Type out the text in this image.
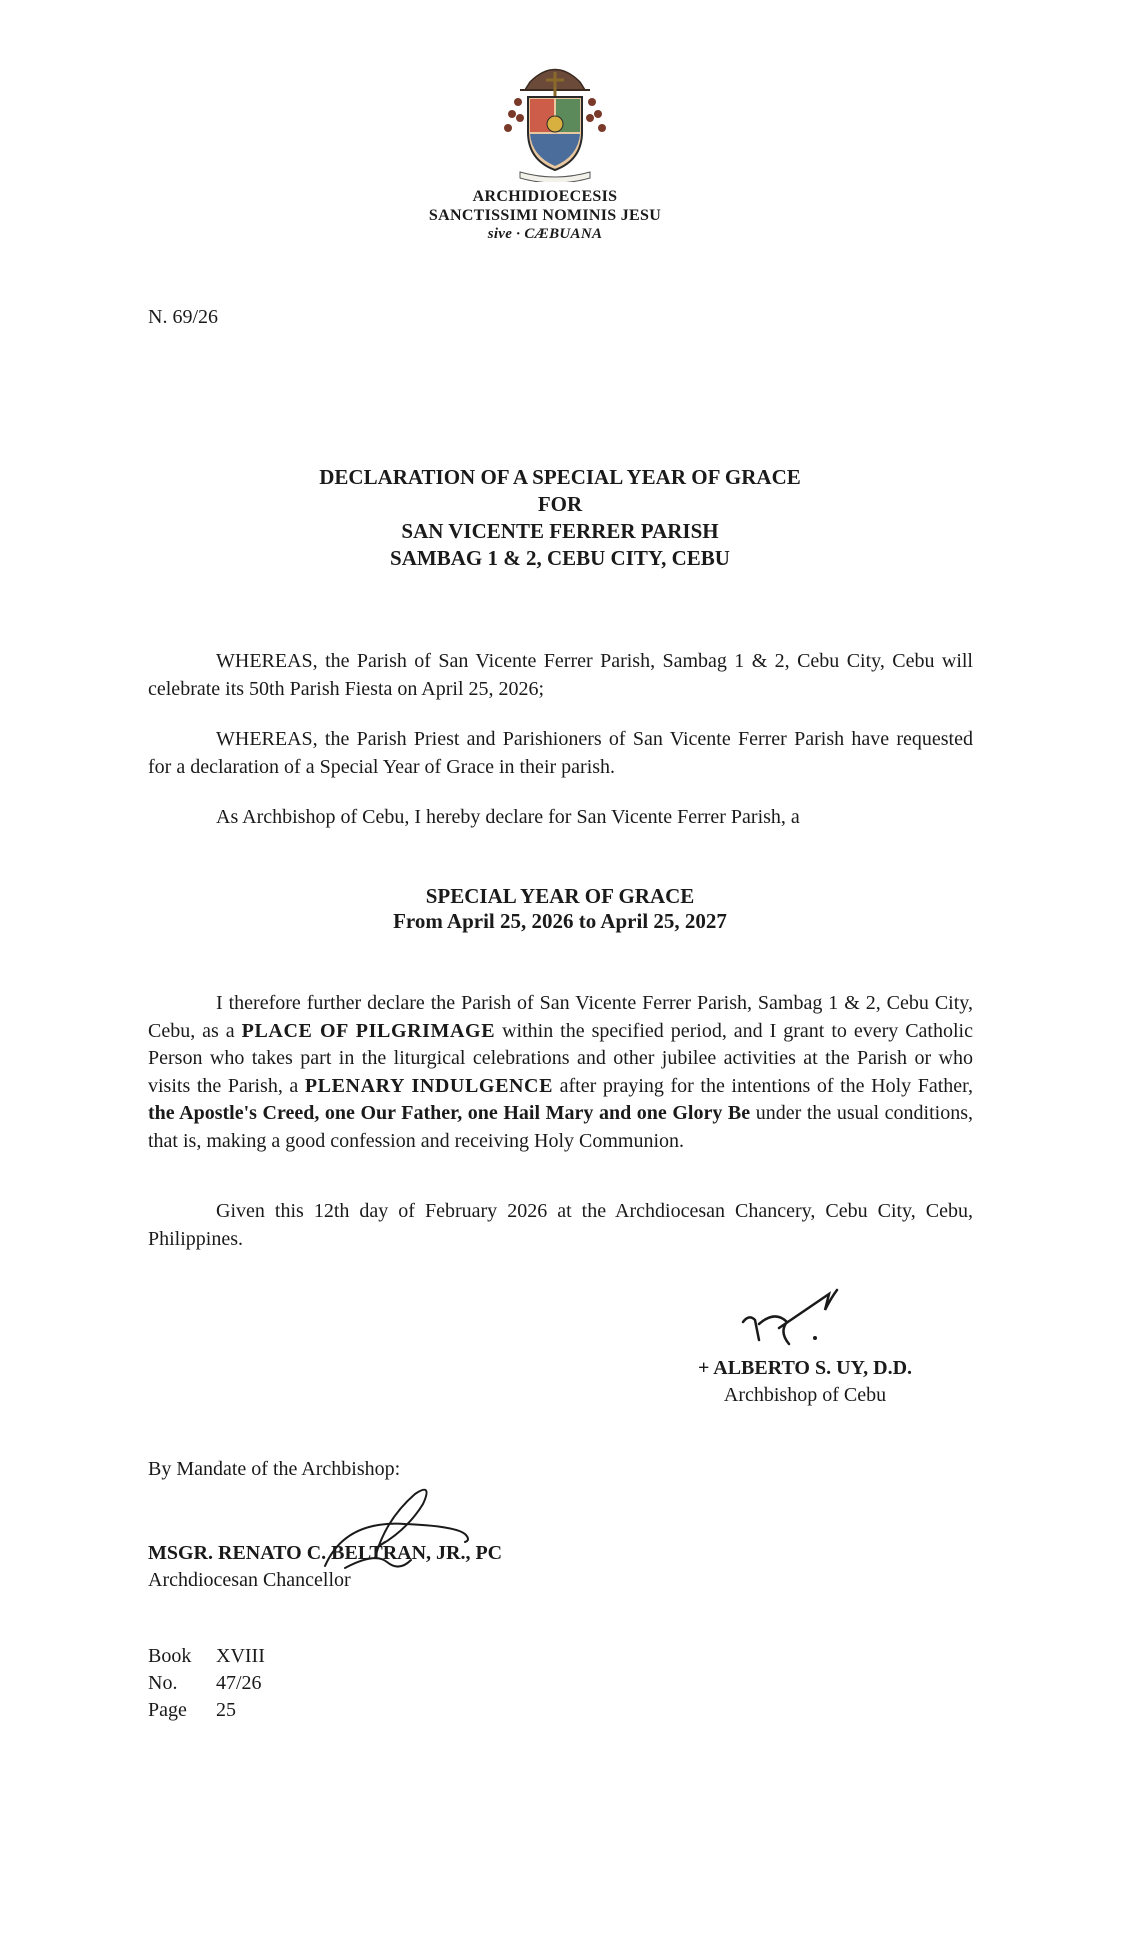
ARCHIDIOECESIS
SANCTISSIMI NOMINIS JESU
sive · CÆBUANA
N. 69/26
DECLARATION OF A SPECIAL YEAR OF GRACE
FOR
SAN VICENTE FERRER PARISH
SAMBAG 1 & 2, CEBU CITY, CEBU

WHEREAS, the Parish of San Vicente Ferrer Parish, Sambag 1 & 2, Cebu City, Cebu will celebrate its 50th Parish Fiesta on April 25, 2026;

WHEREAS, the Parish Priest and Parishioners of San Vicente Ferrer Parish have requested for a declaration of a Special Year of Grace in their parish.

As Archbishop of Cebu, I hereby declare for San Vicente Ferrer Parish, a

SPECIAL YEAR OF GRACE
From April 25, 2026 to April 25, 2027

I therefore further declare the Parish of San Vicente Ferrer Parish, Sambag 1 & 2, Cebu City, Cebu, as a PLACE OF PILGRIMAGE within the specified period, and I grant to every Catholic Person who takes part in the liturgical celebrations and other jubilee activities at the Parish or who visits the Parish, a PLENARY INDULGENCE after praying for the intentions of the Holy Father, the Apostle's Creed, one Our Father, one Hail Mary and one Glory Be under the usual conditions, that is, making a good confession and receiving Holy Communion.

Given this 12th day of February 2026 at the Archdiocesan Chancery, Cebu City, Cebu, Philippines.

+ ALBERTO S. UY, D.D.
Archbishop of Cebu
By Mandate of the Archbishop:
MSGR. RENATO C. BELTRAN, JR., PC
Archdiocesan Chancellor
Book XVIII
No. 47/26
Page 25
